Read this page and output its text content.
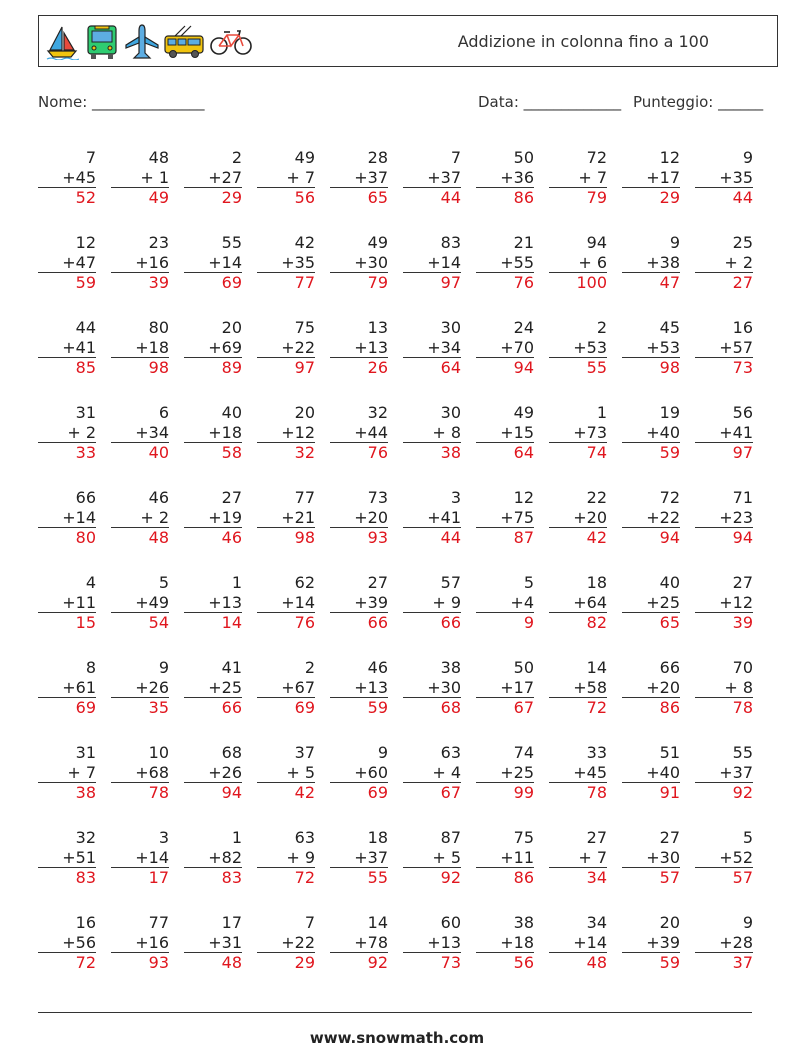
Addizione in colonna fino a 100
Nome: _______________	Data: _____________ Punteggio: ______
7
+45
52
48
+ 1
49
2
+27
29
49
+ 7
56
28
+37
65
7
+37
44
50
+36
86
72
+ 7
79
12
+17
29
9
+35
44
12
+47
59
23
+16
39
55
+14
69
42
+35
77
49
+30
79
83
+14
97
21
+55
76
94
+ 6
100
9
+38
47
25
+ 2
27
44
+41
85
80
+18
98
20
+69
89
75
+22
97
13
+13
26
30
+34
64
24
+70
94
2
+53
55
45
+53
98
16
+57
73
31
+ 2
33
6
+34
40
40
+18
58
20
+12
32
32
+44
76
30
+ 8
38
49
+15
64
1
+73
74
19
+40
59
56
+41
97
66
+14
80
46
+ 2
48
27
+19
46
77
+21
98
73
+20
93
3
+41
44
12
+75
87
22
+20
42
72
+22
94
71
+23
94
4
+11
15
5
+49
54
1
+13
14
62
+14
76
27
+39
66
57
+ 9
66
5
+4
9
18
+64
82
40
+25
65
27
+12
39
8
+61
69
9
+26
35
41
+25
66
2
+67
69
46
+13
59
38
+30
68
50
+17
67
14
+58
72
66
+20
86
70
+ 8
78
31
+ 7
38
10
+68
78
68
+26
94
37
+ 5
42
9
+60
69
63
+ 4
67
74
+25
99
33
+45
78
51
+40
91
55
+37
92
32
+51
83
3
+14
17
1
+82
83
63
+ 9
72
18
+37
55
87
+ 5
92
75
+11
86
27
+ 7
34
27
+30
57
5
+52
57
16
+56
72
77
+16
93
17
+31
48
7
+22
29
14
+78
92
60
+13
73
38
+18
56
34
+14
48
20
+39
59
9
+28
37
www.snowmath.com
